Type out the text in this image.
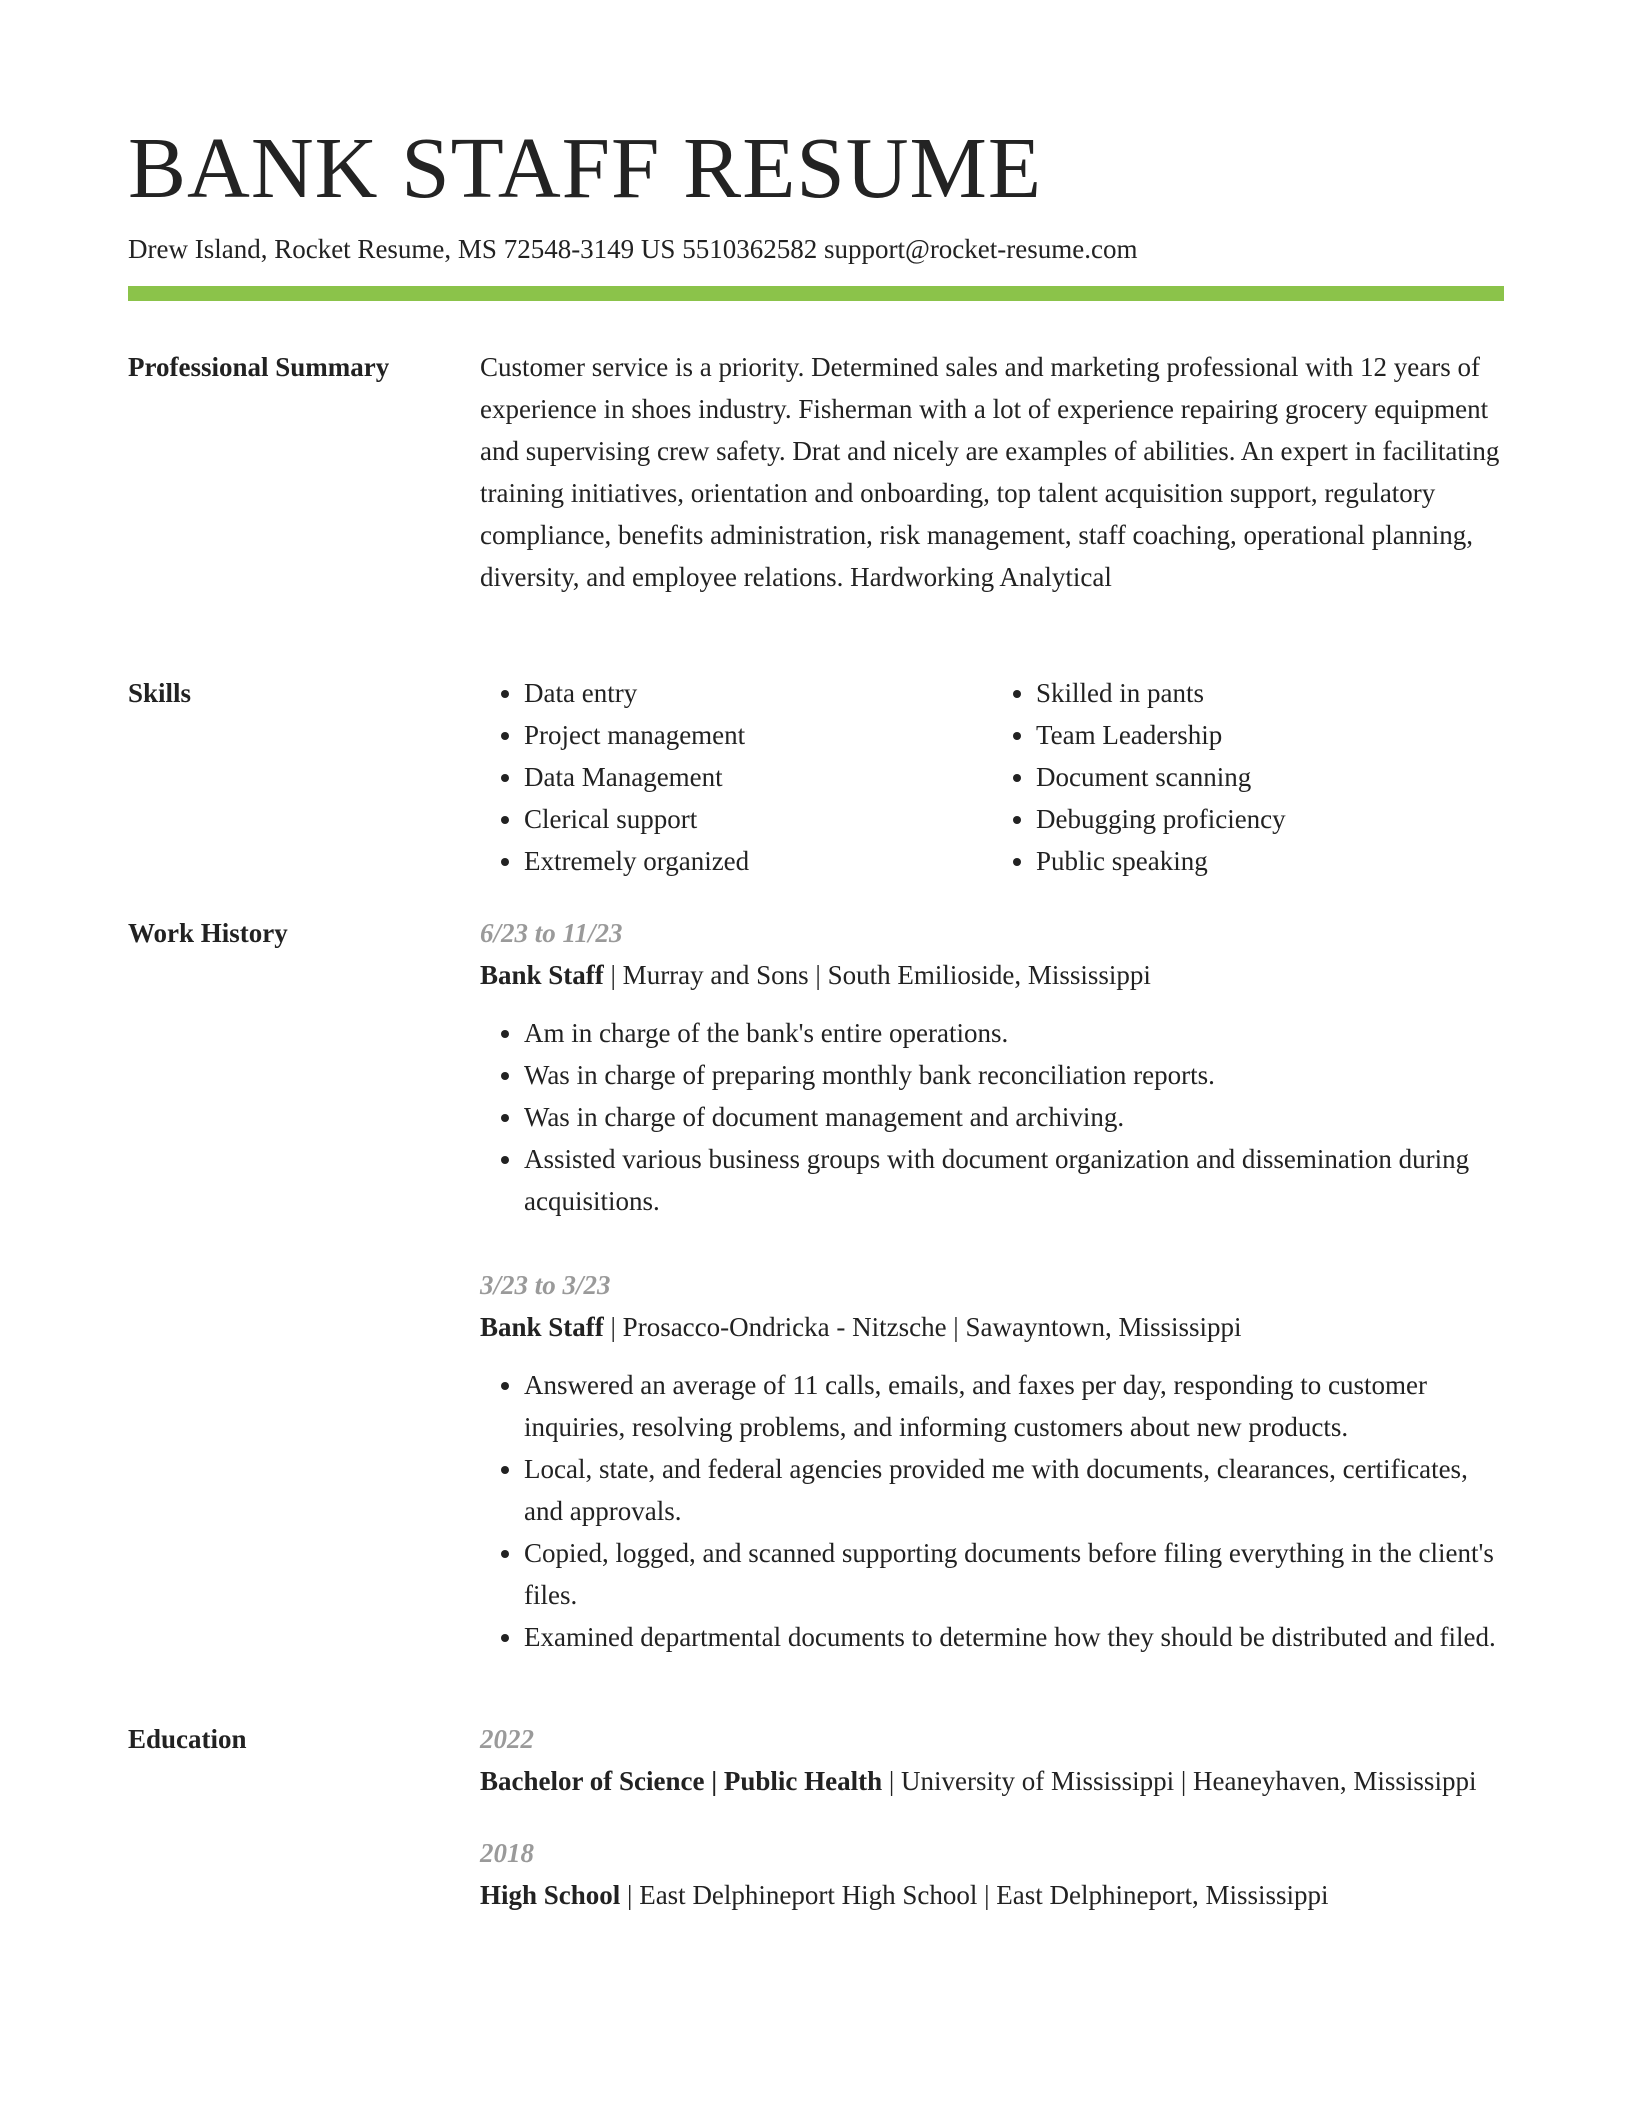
BANK STAFF RESUME
Drew Island, Rocket Resume, MS 72548-3149 US 5510362582 support@rocket-resume.com
Professional Summary	Customer service is a priority. Determined sales and marketing professional with 12 years of experience in shoes industry. Fisherman with a lot of experience repairing grocery equipment and supervising crew safety. Drat and nicely are examples of abilities. An expert in facilitating training initiatives, orientation and onboarding, top talent acquisition support, regulatory compliance, benefits administration, risk management, staff coaching, operational planning, diversity, and employee relations. Hardworking Analytical

Skills
•	Data entry
• Project management
• Data Management
• Clerical support
• Extremely organized
• Skilled in pants
• Team Leadership
• Document scanning
• Debugging proficiency
• Public speaking
Work History	6/23 to 11/23
Bank Staff | Murray and Sons | South Emilioside, Mississippi
• Am in charge of the bank's entire operations.
• Was in charge of preparing monthly bank reconciliation reports.
• Was in charge of document management and archiving.
• Assisted various business groups with document organization and dissemination during acquisitions.
3/23 to 3/23
Bank Staff | Prosacco-Ondricka - Nitzsche | Sawayntown, Mississippi
• Answered an average of 11 calls, emails, and faxes per day, responding to customer inquiries, resolving problems, and informing customers about new products.
• Local, state, and federal agencies provided me with documents, clearances, certificates, and approvals.
• Copied, logged, and scanned supporting documents before filing everything in the client's files.
• Examined departmental documents to determine how they should be distributed and filed.
Education	2022
Bachelor of Science | Public Health | University of Mississippi | Heaneyhaven, Mississippi
2018
High School | East Delphineport High School | East Delphineport, Mississippi
